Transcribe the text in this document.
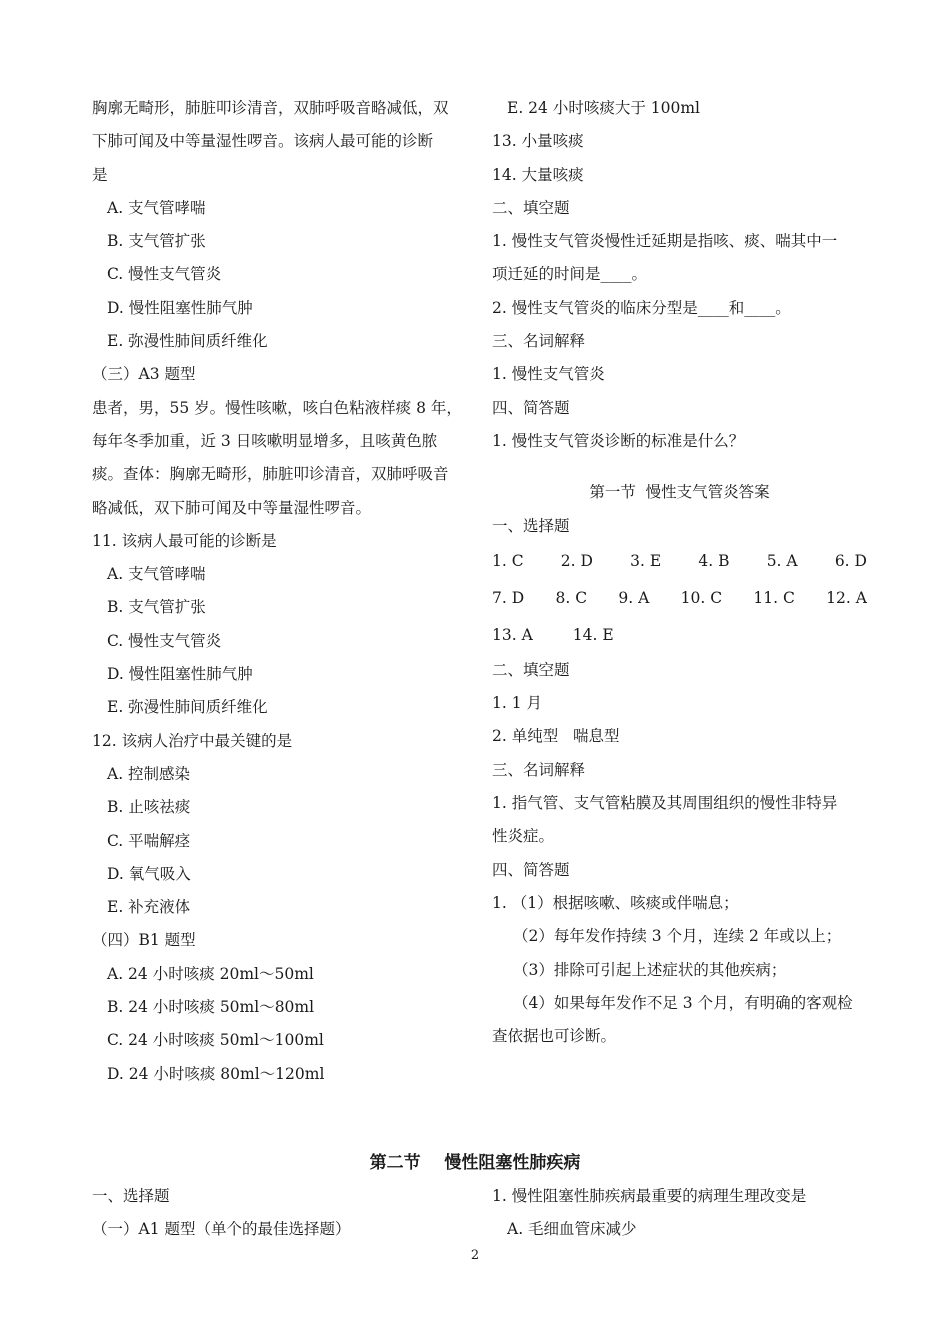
胸廓无畸形，肺脏叩诊清音，双肺呼吸音略减低，双
下肺可闻及中等量湿性啰音。该病人最可能的诊断
是
A. 支气管哮喘
B. 支气管扩张
C. 慢性支气管炎
D. 慢性阻塞性肺气肿
E. 弥漫性肺间质纤维化
（三）A3 题型
患者，男，55 岁。慢性咳嗽，咳白色粘液样痰 8 年，
每年冬季加重，近 3 日咳嗽明显增多，且咳黄色脓
痰。查体：胸廓无畸形，肺脏叩诊清音，双肺呼吸音
略减低，双下肺可闻及中等量湿性啰音。
11. 该病人最可能的诊断是
A. 支气管哮喘
B. 支气管扩张
C. 慢性支气管炎
D. 慢性阻塞性肺气肿
E. 弥漫性肺间质纤维化
12. 该病人治疗中最关键的是
A. 控制感染
B. 止咳祛痰
C. 平喘解痉
D. 氧气吸入
E. 补充液体
（四）B1 题型
A. 24 小时咳痰 20ml～50ml
B. 24 小时咳痰 50ml～80ml
C. 24 小时咳痰 50ml～100ml
D. 24 小时咳痰 80ml～120ml
E. 24 小时咳痰大于 100ml
13. 小量咳痰
14. 大量咳痰
二、填空题
1. 慢性支气管炎慢性迁延期是指咳、痰、喘其中一
项迁延的时间是____。
2. 慢性支气管炎的临床分型是____和____。
三、名词解释
1. 慢性支气管炎
四、简答题
1. 慢性支气管炎诊断的标准是什么？
第一节  慢性支气管炎答案
一、选择题
1. C 2. D 3. E 4. B 5. A 6. D
7. D 8. C 9. A 10. C 11. C 12. A
13. A	14. E
二、填空题
1. 1 月
2. 单纯型   喘息型
三、名词解释
1. 指气管、支气管粘膜及其周围组织的慢性非特异
性炎症。
四、简答题
1. （1）根据咳嗽、咳痰或伴喘息；
（2）每年发作持续 3 个月，连续 2 年或以上；
（3）排除可引起上述症状的其他疾病；
（4）如果每年发作不足 3 个月，有明确的客观检
查依据也可诊断。
第二节    慢性阻塞性肺疾病
一、选择题
（一）A1 题型（单个的最佳选择题）
1. 慢性阻塞性肺疾病最重要的病理生理改变是
A. 毛细血管床减少
2
